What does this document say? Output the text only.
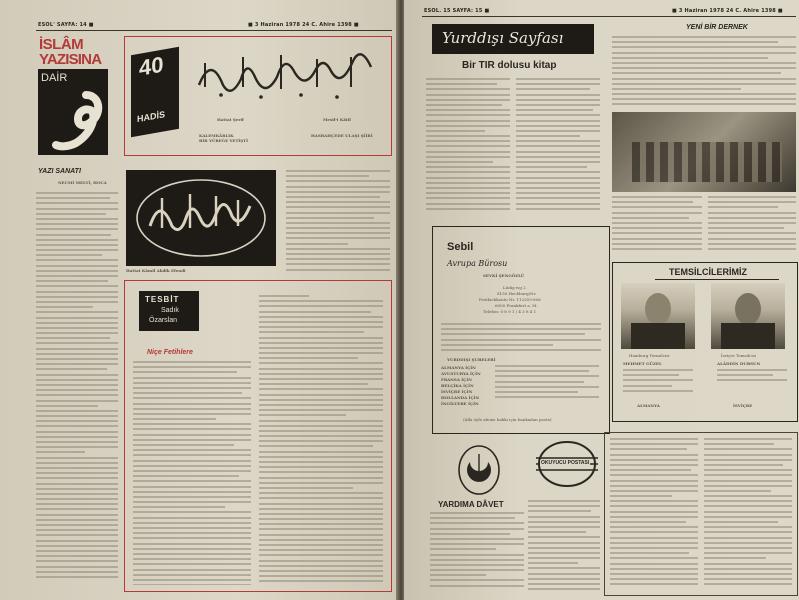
ESOL' SAYFA: 14 ■	■ 3 Haziran 1978 24 C. Ahire 1398 ■
İSLÂM
YAZISINA
DAİR	40
HADİS	Hattat Şerif	Mesil-i Kâtil
KALEMKÂRLIK
BİR YÜREĞE YETİŞTİ
HASBAHÇEDE ULAŞI ŞİİRİ
YAZI SANATI
NECMİ MELTİ, HOCA
Hattat Kâmil Akdik Efendi
TESBİT
Sadık
Özarslan
Niçe Fetihlere
ESOL. 15 SAYFA: 15 ■	■ 3 Haziran 1978 24 C. Ahire 1398 ■
Yurddışı Sayfası
Bir TIR dolusu kitap
YENİ BİR DERNEK
Sebil
Avrupa Bürosu
SEVKİ ŞENGÖZLÜ
Lüdig wg 2
8150 Hechburg/Nr.
Postfachkonto Nr. 112555-606
6000 Frankfurt a. M.
Telefon: 0 8 9 1 / 4 3 8 4 1
YURDDIŞI ŞUBELERİ
ALMANYA İÇİN
AVUSTURYA İÇİN
FRANSA İÇİN
BELÇİKA İÇİN
İSVİÇRE İÇİN
HOLLANDA İÇİN
İNGİLTERE İÇİN
(Alla öyle abone hakkı için bankadan posta)
TEMSİLCİLERİMİZ
Hamburg Temsilcisi	İsviçre Temsilcisi
MEHMET GÜZEL	ALÂDDİN DURSUN
ALMANYA	İSVİÇRE
OKUYUCU POSTASI
YARDIMA DÂVET
